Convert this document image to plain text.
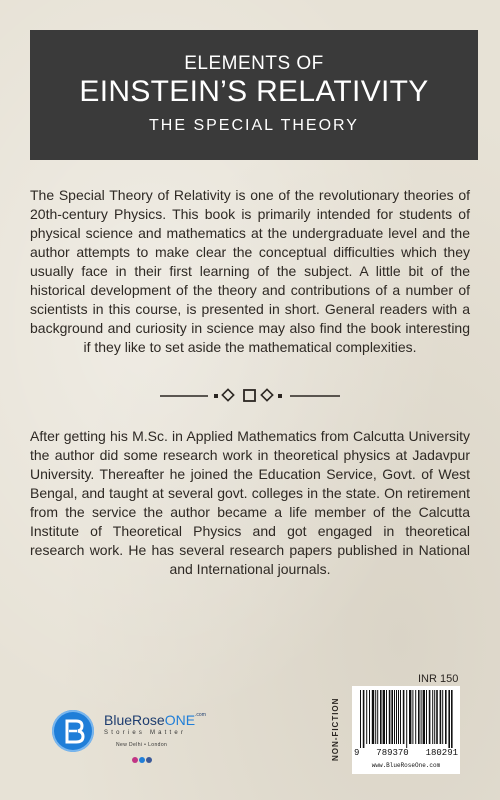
ELEMENTS OF
EINSTEIN’S RELATIVITY
THE SPECIAL THEORY
The Special Theory of Relativity is one of the revolutionary theories of 20th-century Physics. This book is primarily intended for students of physical science and mathematics at the undergraduate level and the author attempts to make clear the conceptual difficulties which they usually face in their first learning of the subject. A little bit of the historical development of the theory and contributions of a number of scientists in this course, is presented in short. General readers with a background and curiosity in science may also find the book interesting if they like to set aside the mathematical complexities.
After getting his M.Sc. in Applied Mathematics from Calcutta University the author did some research work in theoretical physics at Jadavpur University. Thereafter he joined the Education Service, Govt. of West Bengal, and taught at several govt. colleges in the state. On retirement from the service the author became a life member of the Calcutta Institute of Theoretical Physics and got engaged in theoretical research work. He has several research papers published in National and International journals.
BlueRoseONE$^{.com}$
Stories Matter
New Delhi • London
INR 150
NON-FICTION	9 789370 180291
www.BlueRoseOne.com
